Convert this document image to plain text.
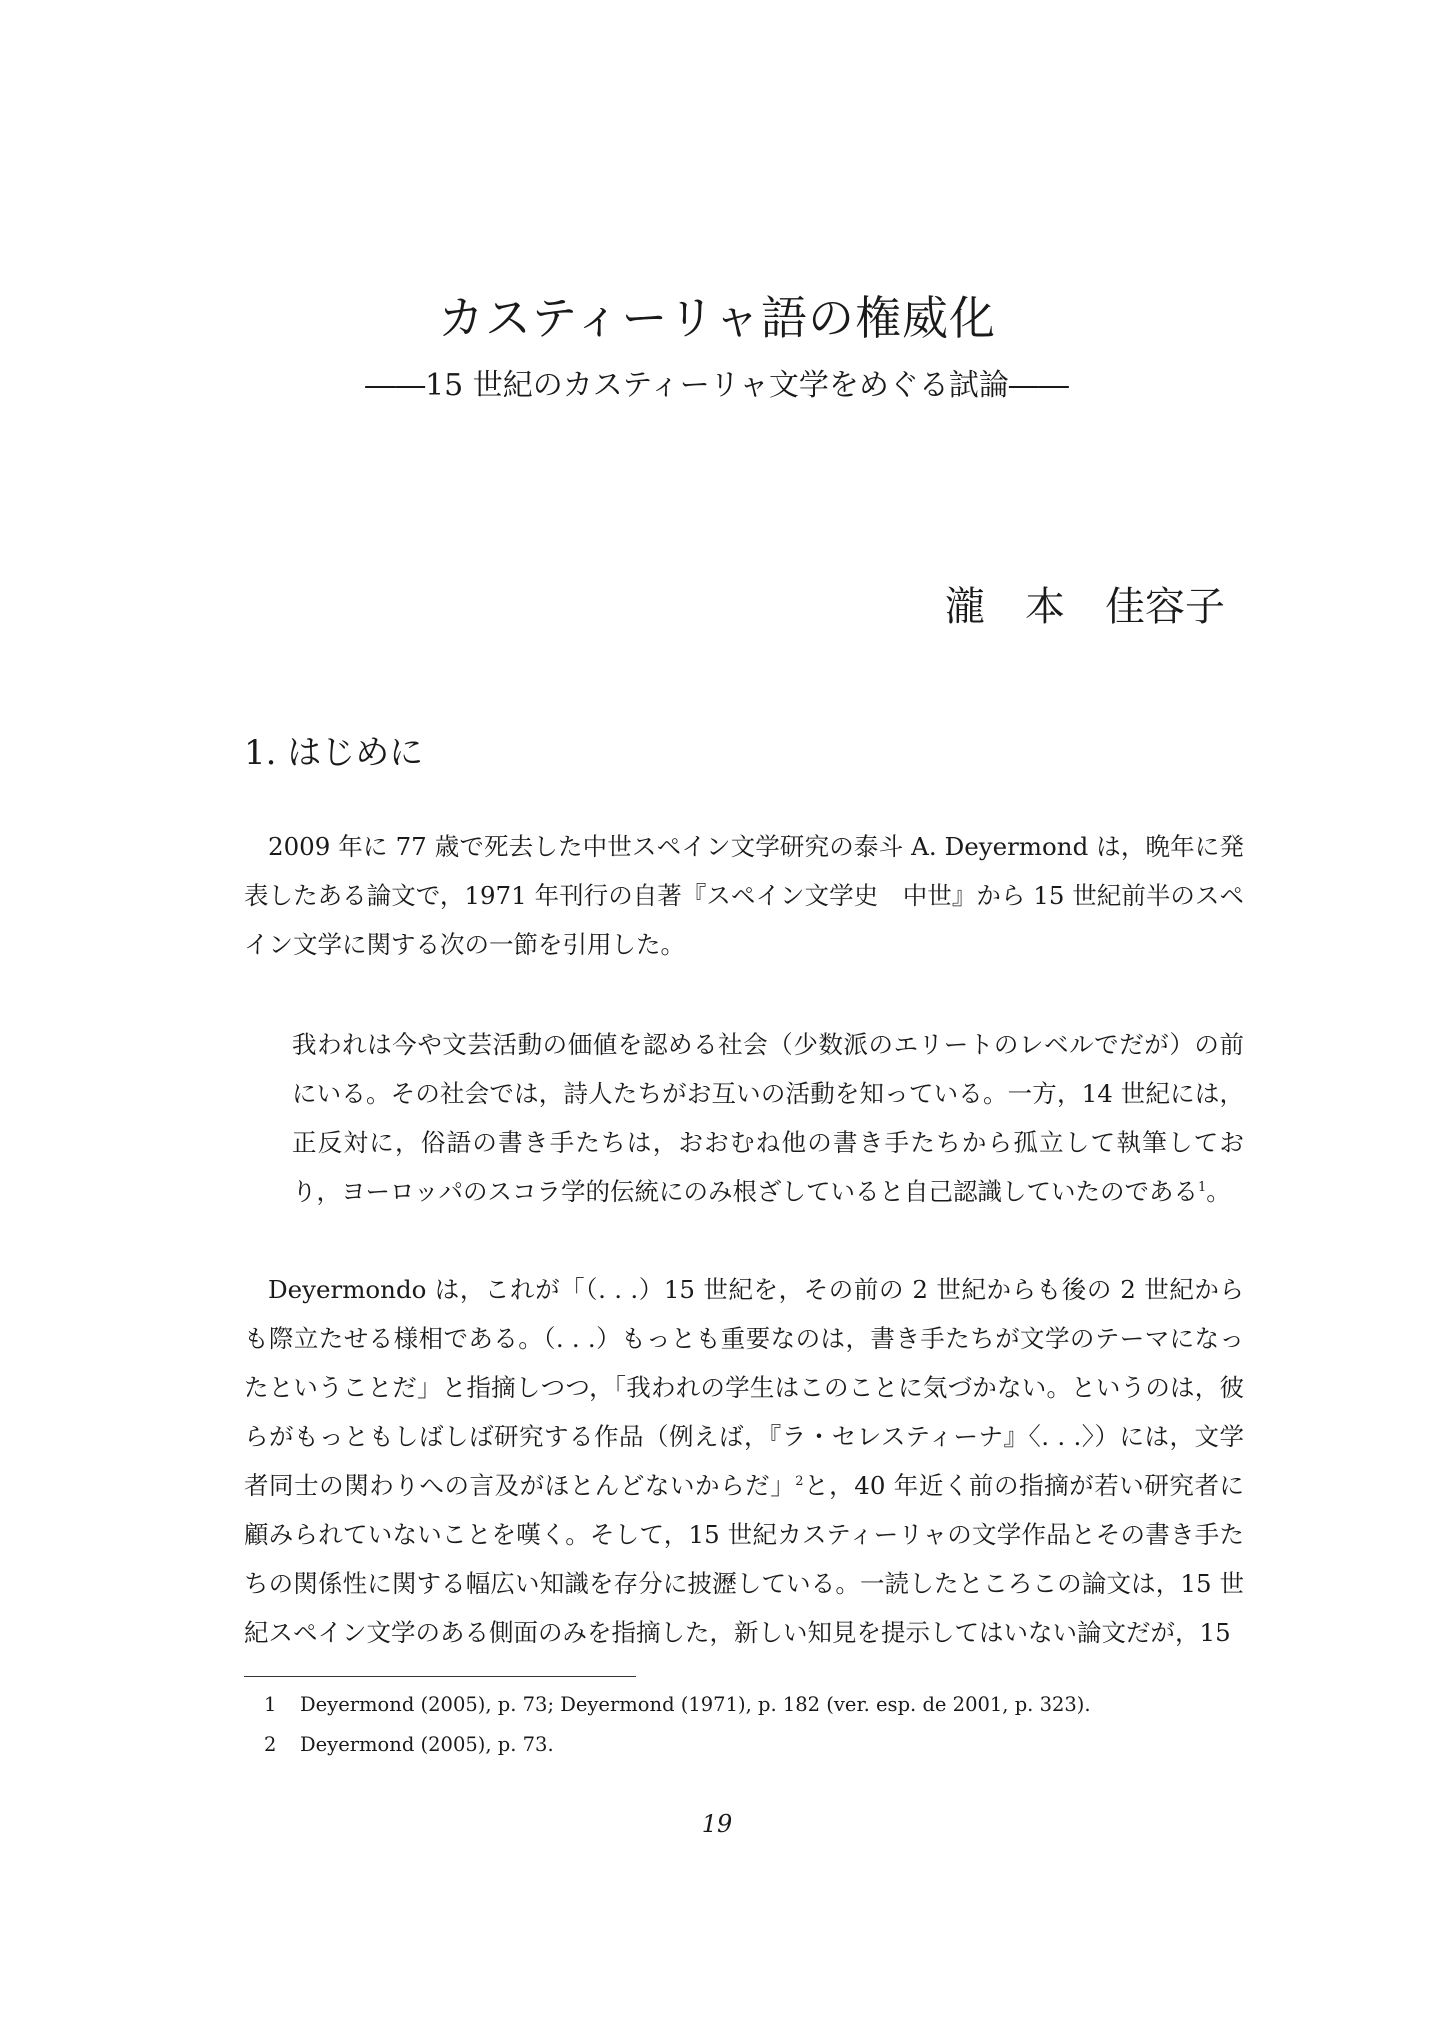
カスティーリャ語の権威化
――15 世紀のカスティーリャ文学をめぐる試論――
瀧　本　佳容子
1. はじめに
2009 年に 77 歳で死去した中世スペイン文学研究の泰斗 A. Deyermond は，晩年に発表したある論文で，1971 年刊行の自著『スペイン文学史　中世』から 15 世紀前半のスペイン文学に関する次の一節を引用した。
我われは今や文芸活動の価値を認める社会（少数派のエリートのレベルでだが）の前にいる。その社会では，詩人たちがお互いの活動を知っている。一方，14 世紀には，正反対に，俗語の書き手たちは，おおむね他の書き手たちから孤立して執筆しており，ヨーロッパのスコラ学的伝統にのみ根ざしていると自己認識していたのである$^1$。
Deyermondo は，これが「（. . .）15 世紀を，その前の 2 世紀からも後の 2 世紀からも際立たせる様相である。（. . .）もっとも重要なのは，書き手たちが文学のテーマになったということだ」と指摘しつつ，「我われの学生はこのことに気づかない。というのは，彼らがもっともしばしば研究する作品（例えば，『ラ・セレスティーナ』〈. . .〉）には，文学者同士の関わりへの言及がほとんどないからだ」$^2$と，40 年近く前の指摘が若い研究者に顧みられていないことを嘆く。そして，15 世紀カスティーリャの文学作品とその書き手たちの関係性に関する幅広い知識を存分に披瀝している。一読したところこの論文は，15 世紀スペイン文学のある側面のみを指摘した，新しい知見を提示してはいない論文だが，15
1 Deyermond (2005), p. 73; Deyermond (1971), p. 182 (ver. esp. de 2001, p. 323).
2 Deyermond (2005), p. 73.
19
